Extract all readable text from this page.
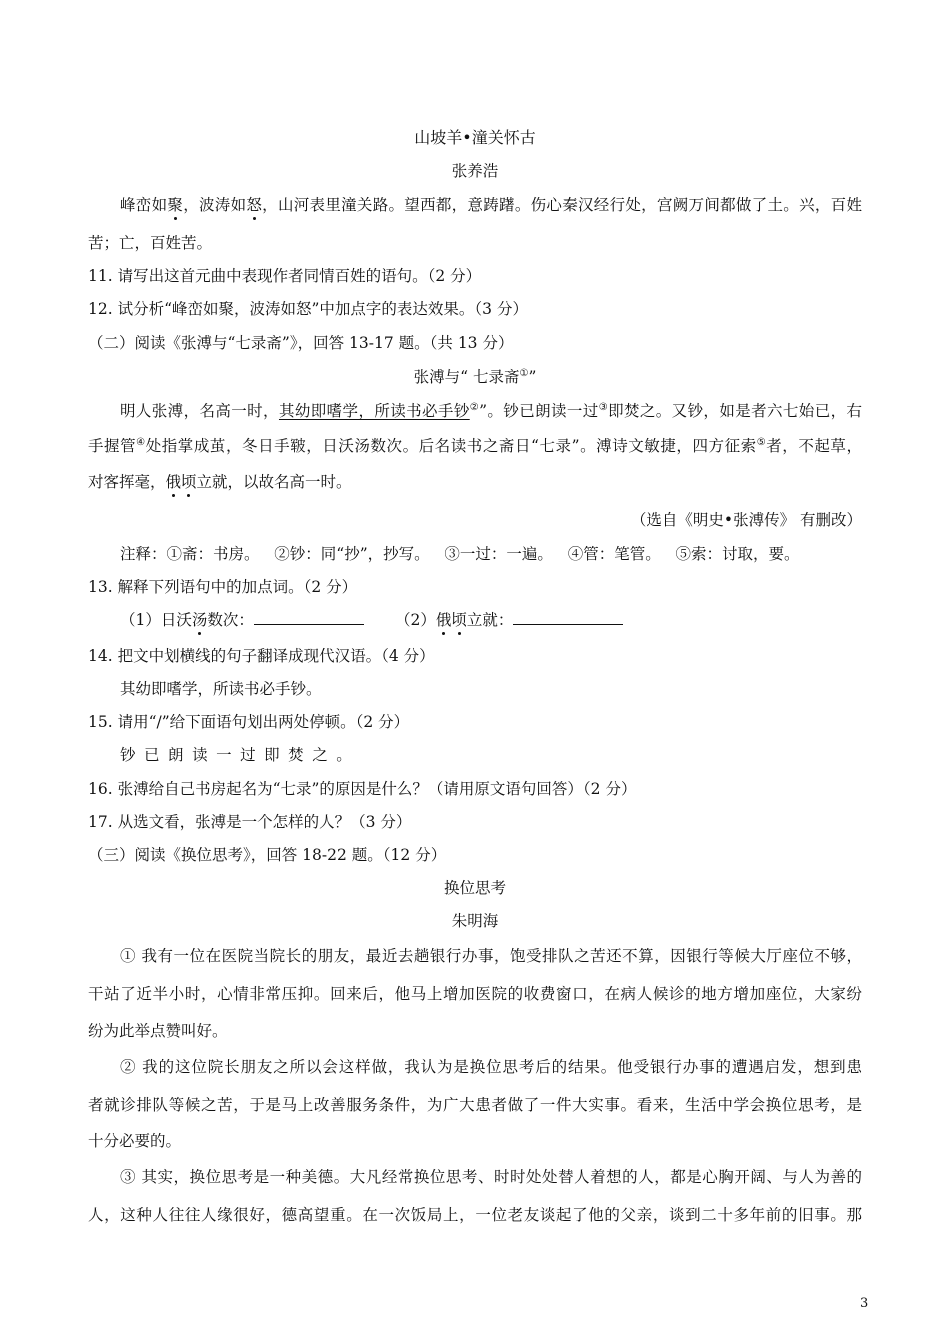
山坡羊•潼关怀古
张养浩
峰峦如聚，波涛如怒，山河表里潼关路。望西都，意踌躇。伤心秦汉经行处，宫阙万间都做了土。兴，百姓
苦；亡，百姓苦。
11. 请写出这首元曲中表现作者同情百姓的语句。（2 分）
12. 试分析“峰峦如聚，波涛如怒”中加点字的表达效果。（3 分）
（二）阅读《张溥与“七录斋”》，回答 13-17 题。（共 13 分）
张溥与“ 七录斋①”
明人张溥，名高一时，其幼即嗜学，所读书必手钞②”。钞已朗读一过③即焚之。又钞，如是者六七始已，右
手握管④处指掌成茧，冬日手皲，日沃汤数次。后名读书之斋日“七录”。溥诗文敏捷，四方征索⑤者，不起草，
对客挥毫，俄顷立就，以故名高一时。
（选自《明史•张溥传》 有删改）
注释：①斋：书房。   ②钞：同“抄”，抄写。   ③一过：一遍。   ④管：笔管。   ⑤索：讨取，要。
13. 解释下列语句中的加点词。（2 分）
（1）日沃汤数次：	（2）俄顷立就：
14. 把文中划横线的句子翻译成现代汉语。（4 分）
其幼即嗜学，所读书必手钞。
15. 请用“/”给下面语句划出两处停顿。（2 分）
钞已朗读一过即焚之。
16. 张溥给自己书房起名为“七录”的原因是什么？（请用原文语句回答）（2 分）
17. 从选文看，张溥是一个怎样的人？（3 分）
（三）阅读《换位思考》，回答 18-22 题。（12 分）
换位思考
朱明海
① 我有一位在医院当院长的朋友，最近去趟银行办事，饱受排队之苦还不算，因银行等候大厅座位不够，
干站了近半小时，心情非常压抑。回来后，他马上增加医院的收费窗口，在病人候诊的地方增加座位，大家纷
纷为此举点赞叫好。
② 我的这位院长朋友之所以会这样做，我认为是换位思考后的结果。他受银行办事的遭遇启发，想到患
者就诊排队等候之苦，于是马上改善服务条件，为广大患者做了一件大实事。看来，生活中学会换位思考，是
十分必要的。
③ 其实，换位思考是一种美德。大凡经常换位思考、时时处处替人着想的人，都是心胸开阔、与人为善的
人，这种人往往人缘很好，德高望重。在一次饭局上，一位老友谈起了他的父亲，谈到二十多年前的旧事。那
3
